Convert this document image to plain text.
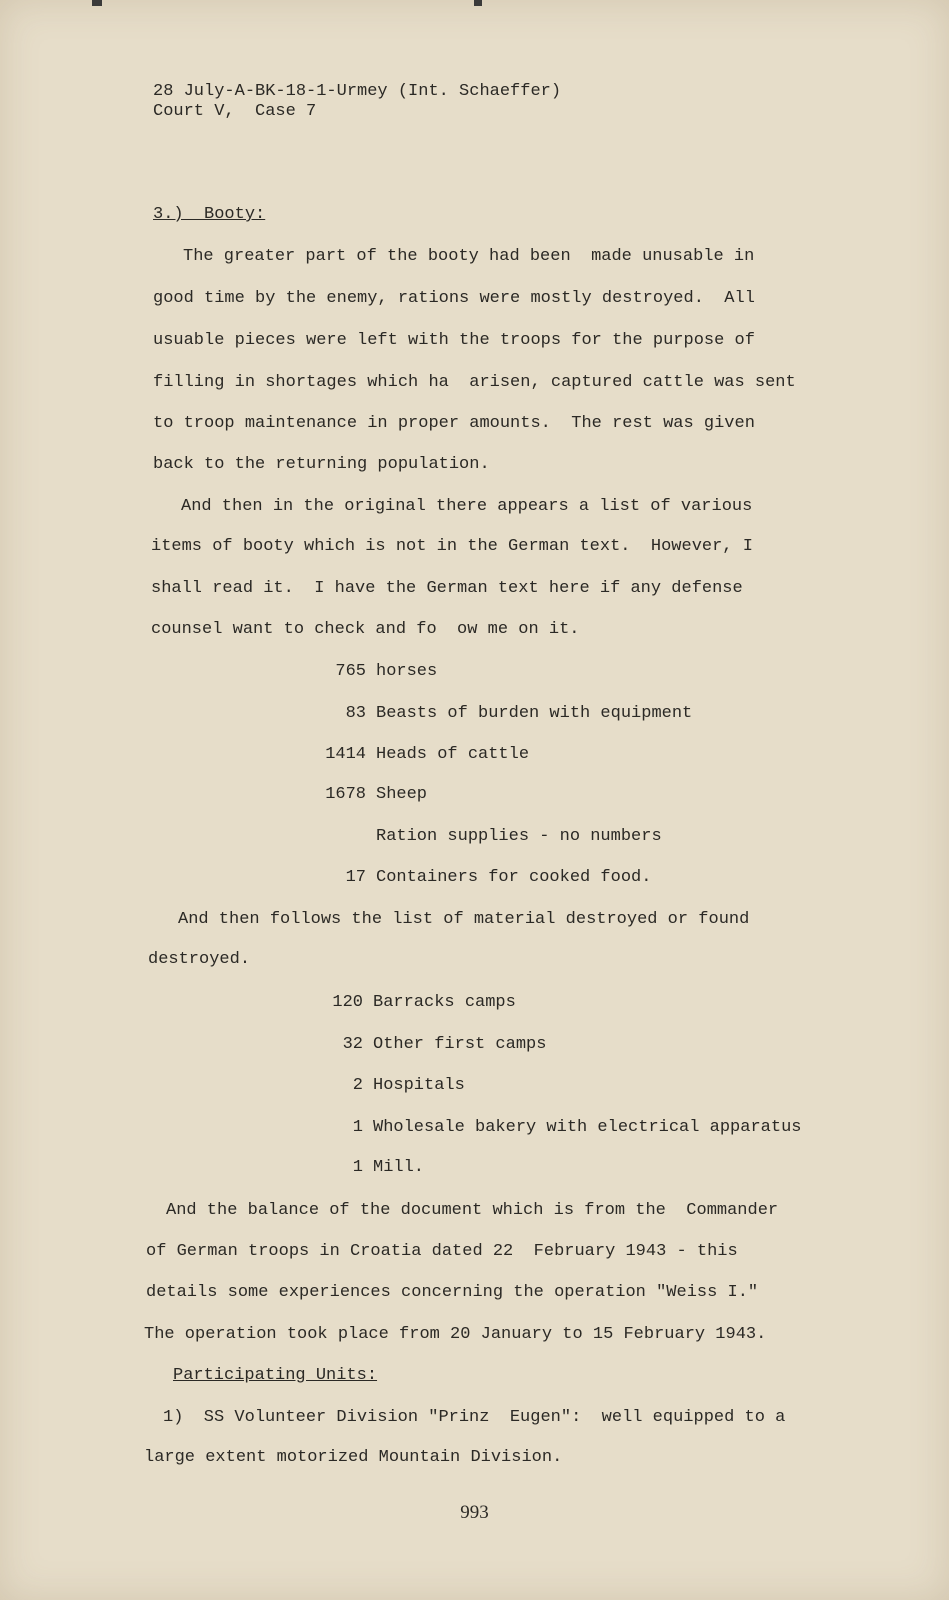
28 July-A-BK-18-1-Urmey (Int. Schaeffer)
Court V,  Case 7
3.)  Booty:
The greater part of the booty had been  made unusable in
good time by the enemy, rations were mostly destroyed.  All
usuable pieces were left with the troops for the purpose of
filling in shortages which ha  arisen, captured cattle was sent
to troop maintenance in proper amounts.  The rest was given
back to the returning population.
And then in the original there appears a list of various
items of booty which is not in the German text.  However, I
shall read it.  I have the German text here if any defense
counsel want to check and fo  ow me on it.
765 horses
83 Beasts of burden with equipment
1414 Heads of cattle
1678 Sheep
Ration supplies - no numbers
17 Containers for cooked food.
And then follows the list of material destroyed or found
destroyed.
120 Barracks camps
32 Other first camps
2 Hospitals
1 Wholesale bakery with electrical apparatus
1 Mill.
And the balance of the document which is from the  Commander
of German troops in Croatia dated 22  February 1943 - this
details some experiences concerning the operation "Weiss I."
The operation took place from 20 January to 15 February 1943.
Participating Units:
1)  SS Volunteer Division "Prinz  Eugen":  well equipped to a
large extent motorized Mountain Division.
993
